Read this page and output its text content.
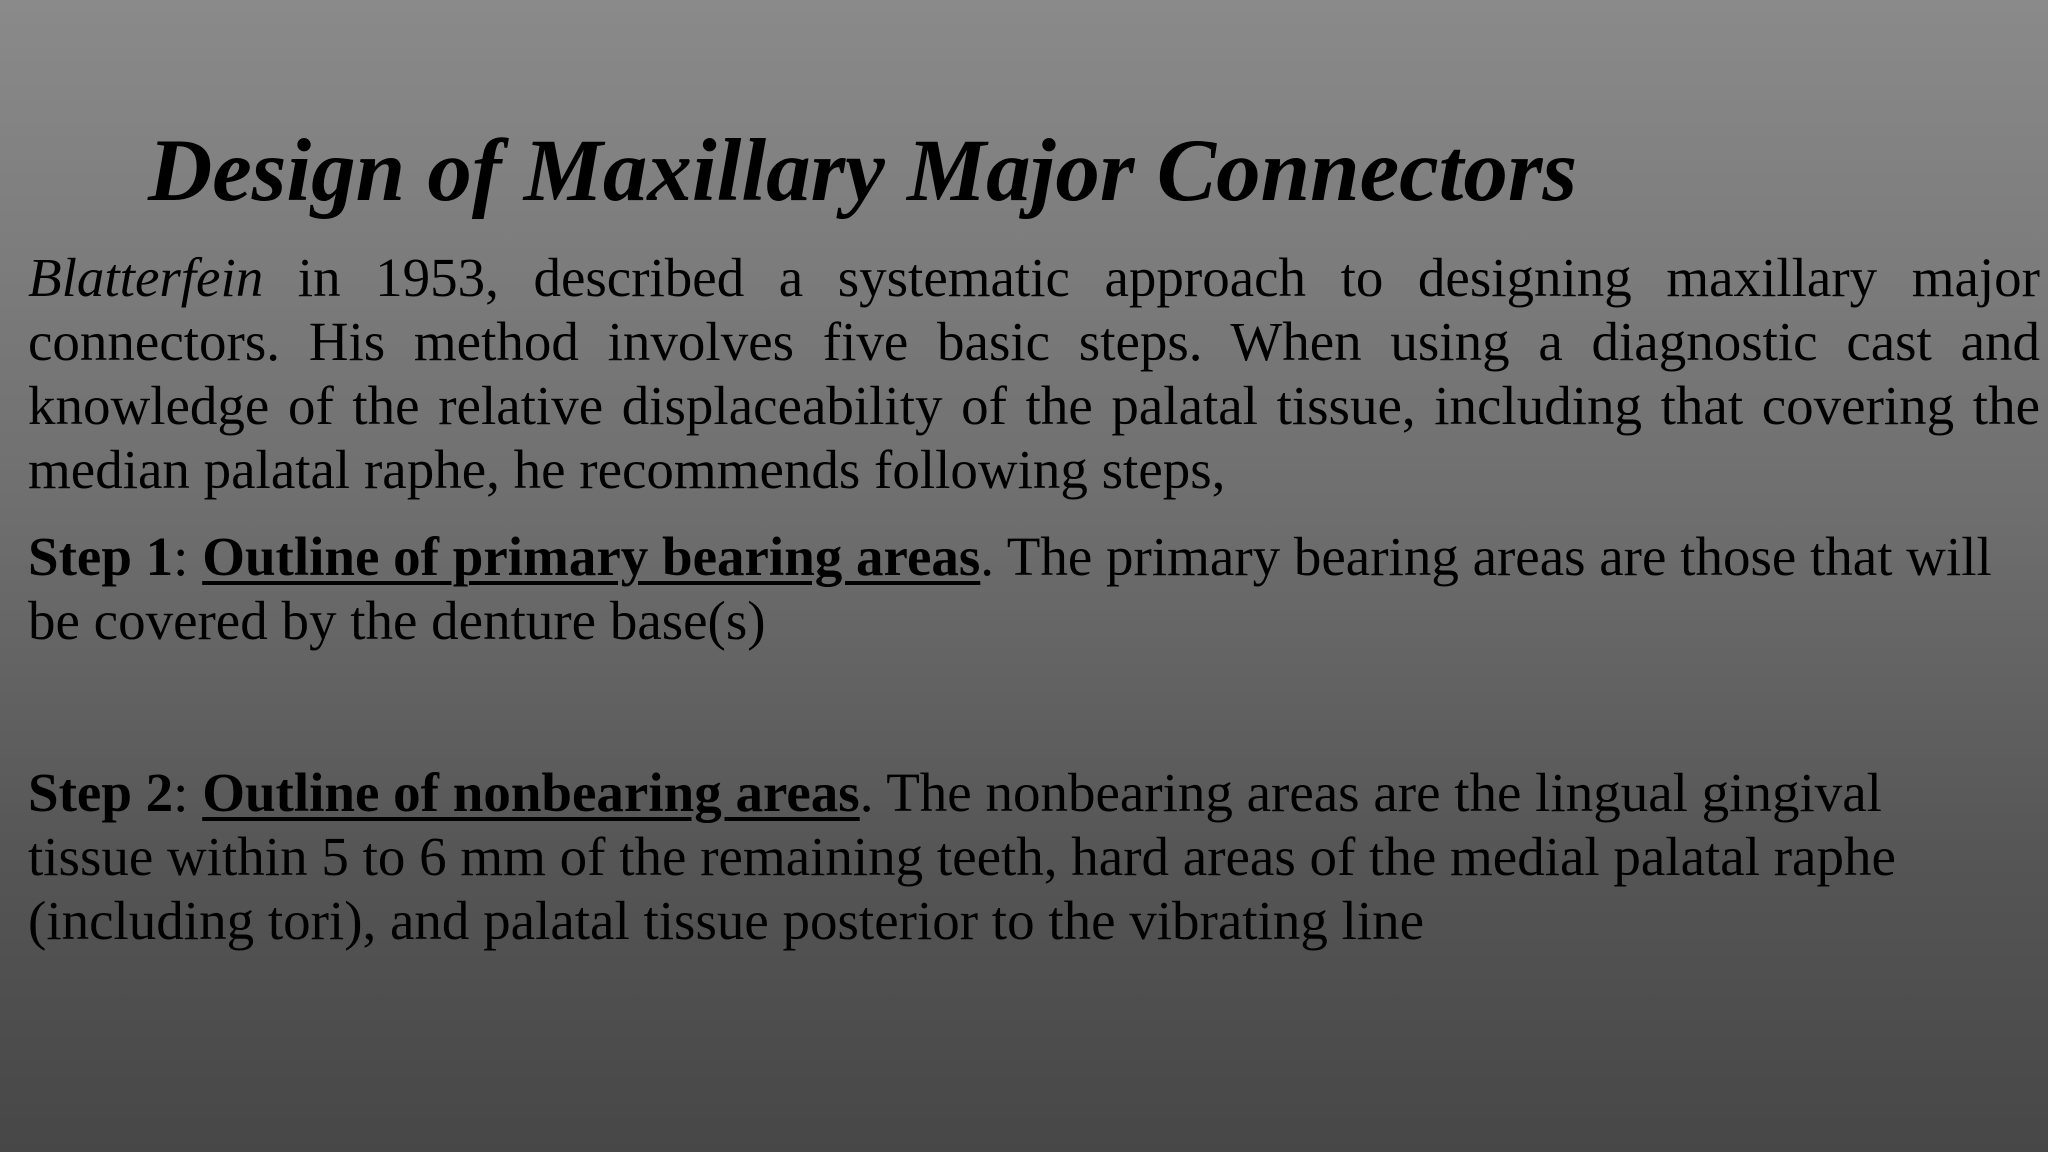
Design of Maxillary Major Connectors

Blatterfein in 1953, described a systematic approach to designing maxillary major connectors. His method involves five basic steps. When using a diagnostic cast and knowledge of the relative displaceability of the palatal tissue, including that covering the median palatal raphe, he recommends following steps,

Step 1: Outline of primary bearing areas. The primary bearing areas are those that will be covered by the denture base(s)

Step 2: Outline of nonbearing areas. The nonbearing areas are the lingual gingival tissue within 5 to 6 mm of the remaining teeth, hard areas of the medial palatal raphe (including tori), and palatal tissue posterior to the vibrating line
